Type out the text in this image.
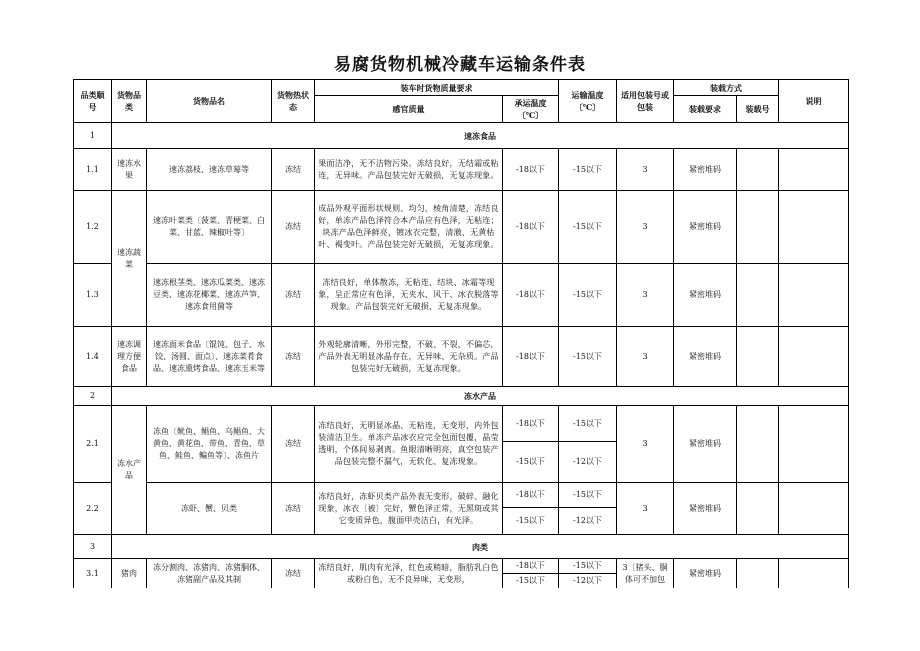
易腐货物机械冷藏车运输条件表
品类顺号	货物品类	货物品名	货物热状态	装车时货物质量要求		运输温度〔℃〕	适用包装号或包装	装载方式		说明
				感官质量	承运温度〔℃〕			装载要求	装载号	
1	速冻食品									
1.1	速冻水果	速冻荔枝、速冻草莓等	冻结	果面洁净，无不洁物污染。冻结良好，无结霜或粘连，无异味。产品包装完好无破损，无复冻现象。	-18以下	-15以下	3	紧密堆码		
1.2	速冻蔬菜	速冻叶菜类〔菠菜、青梗菜、白菜、甘蓝、辣椒叶等〕	冻结	成品外观平面形状规则、均匀，棱角清楚，冻结良好，单冻产品色泽符合本产品应有色泽，无粘连；块冻产品色泽鲜亮，镀冰衣完整，清澈、无黄枯叶、褐变叶。产品包装完好无破损，无复冻现象。	-18以下	-15以下	3	紧密堆码		
1.3		速冻根茎类、速冻瓜菜类、速冻豆类、速冻花椰菜、速冻芦笋、速冻食用菌等	冻结	冻结良好，单体散冻，无粘连、结块、冰霜等现象，呈正常应有色泽，无夹水、风干、冰衣脱落等现象。产品包装完好无破损，无复冻现象。	-18以下	-15以下	3	紧密堆码		
1.4	速冻调理方便食品	速冻面米食品〔馄饨、包子、水饺、汤圆、面点〕、速冻菜肴食品、速冻熏烤食品、速冻玉米等	冻结	外观轮廓清晰，外形完整，不破、不裂，不偏芯，产品外表无明显冰晶存在，无异味、无杂质。产品包装完好无破损，无复冻现象。	-18以下	-15以下	3	紧密堆码		
2	冻水产品									
2.1	冻水产品	冻鱼〔鱿鱼、鲳鱼、乌鲳鱼、大黄鱼、黄花鱼、带鱼、青鱼、草鱼、鲑鱼、鳊鱼等〕、冻鱼片	冻结	冻结良好，无明显冰晶、无粘连，无变形，内外包装清洁卫生。单冻产品冰衣应完全包面包覆，晶莹透明，个体间易剥离。鱼眼清晰明亮，真空包装产品包装完整不漏气，无软化、复冻现象。	-18以下	-15以下	3	紧密堆码		
					-15以下	-12以下				
2.2		冻虾、蟹、贝类	冻结	冻结良好，冻虾贝类产品外表无变形，破碎、融化现象，冰衣〔被〕完好，蟹色泽正常，无黑斑或其它变质异色，腹面甲壳洁白，有光泽。	-18以下	-15以下	3	紧密堆码		
					-15以下	-12以下				
3	肉类									
3.1	猪肉	冻分割肉、冻猪肉、冻猪胴体、冻猪副产品及其制	冻结	冻结良好，肌肉有光泽，红色或稍暗，脂肪乳白色或粉白色，无不良异味，无变形，	-18以下	-15以下	3〔猪头、胴体可不加包	紧密堆码		
					-15以下	-12以下				
